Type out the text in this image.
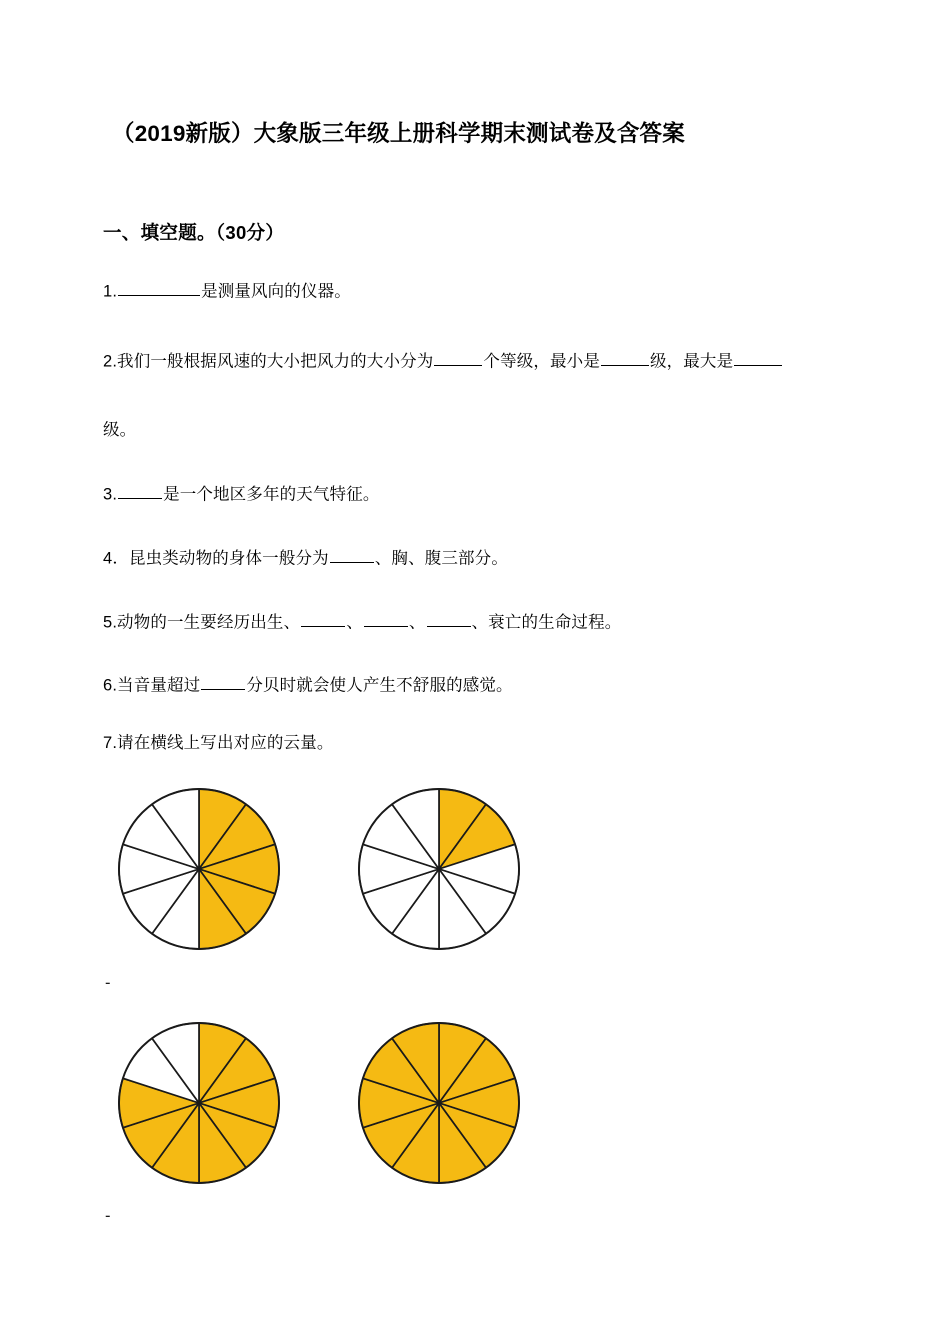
（2019新版）大象版三年级上册科学期末测试卷及含答案
一、填空题。（30分）
1.	是测量风向的仪器。
2.我们一般根据风速的大小把风力的大小分为	个等级，最小是	级，最大是
级。
3.	是一个地区多年的天气特征。
4．昆虫类动物的身体一般分为	、胸、腹三部分。
5.动物的一生要经历出生、	、	、	、衰亡的生命过程。
6.当音量超过	分贝时就会使人产生不舒服的感觉。
7.请在横线上写出对应的云量。
-
-
